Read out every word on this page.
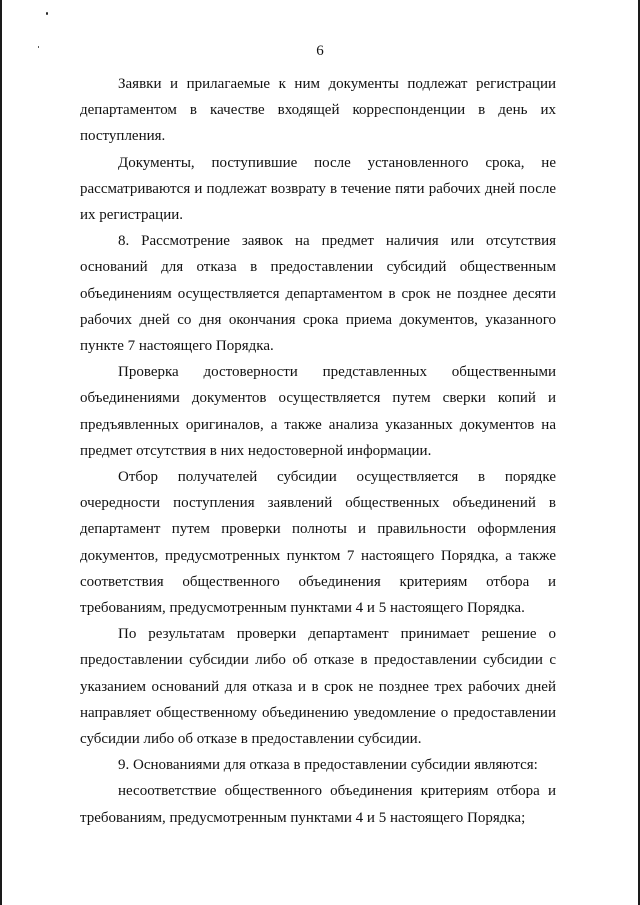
6

Заявки и прилагаемые к ним документы подлежат регистрации департаментом в качестве входящей корреспонденции в день их поступления.

Документы, поступившие после установленного срока, не рассматриваются и подлежат возврату в течение пяти рабочих дней после их регистрации.

8. Рассмотрение заявок на предмет наличия или отсутствия оснований для отказа в предоставлении субсидий общественным объединениям осуществляется департаментом в срок не позднее десяти рабочих дней со дня окончания срока приема документов, указанного пункте 7 настоящего Порядка.

Проверка достоверности представленных общественными объединениями документов осуществляется путем сверки копий и предъявленных оригиналов, а также анализа указанных документов на предмет отсутствия в них недостоверной информации.

Отбор получателей субсидии осуществляется в порядке очередности поступления заявлений общественных объединений в департамент путем проверки полноты и правильности оформления документов, предусмотренных пунктом 7 настоящего Порядка, а также соответствия общественного объединения критериям отбора и требованиям, предусмотренным пунктами 4 и 5 настоящего Порядка.

По результатам проверки департамент принимает решение о предоставлении субсидии либо об отказе в предоставлении субсидии с указанием оснований для отказа и в срок не позднее трех рабочих дней направляет общественному объединению уведомление о предоставлении субсидии либо об отказе в предоставлении субсидии.

9. Основаниями для отказа в предоставлении субсидии являются:

несоответствие общественного объединения критериям отбора и требованиям, предусмотренным пунктами 4 и 5 настоящего Порядка;
